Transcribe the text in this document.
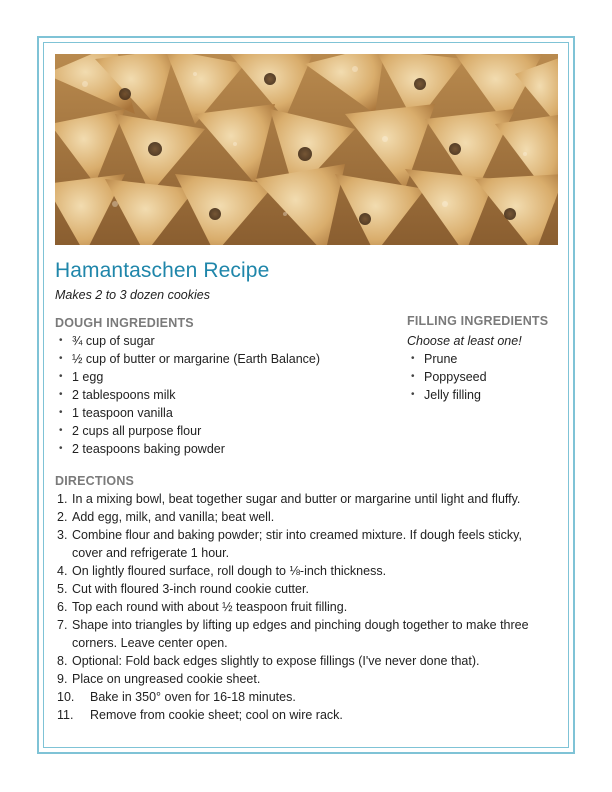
Hamantaschen Recipe
Makes 2 to 3 dozen cookies
DOUGH INGREDIENTS
• ¾ cup of sugar
• ½ cup of butter or margarine (Earth Balance)
• 1 egg
• 2 tablespoons milk
• 1 teaspoon vanilla
• 2 cups all purpose flour
• 2 teaspoons baking powder
FILLING INGREDIENTS
Choose at least one!
• Prune
• Poppyseed
• Jelly filling
DIRECTIONS
1. In a mixing bowl, beat together sugar and butter or margarine until light and fluffy.
2. Add egg, milk, and vanilla; beat well.
3. Combine flour and baking powder; stir into creamed mixture. If dough feels sticky, cover and refrigerate 1 hour.
4. On lightly floured surface, roll dough to ⅛-inch thickness.
5. Cut with floured 3-inch round cookie cutter.
6. Top each round with about ½ teaspoon fruit filling.
7. Shape into triangles by lifting up edges and pinching dough together to make three corners. Leave center open.
8. Optional: Fold back edges slightly to expose fillings (I've never done that).
9. Place on ungreased cookie sheet.
10. Bake in 350° oven for 16-18 minutes.
11. Remove from cookie sheet; cool on wire rack.
